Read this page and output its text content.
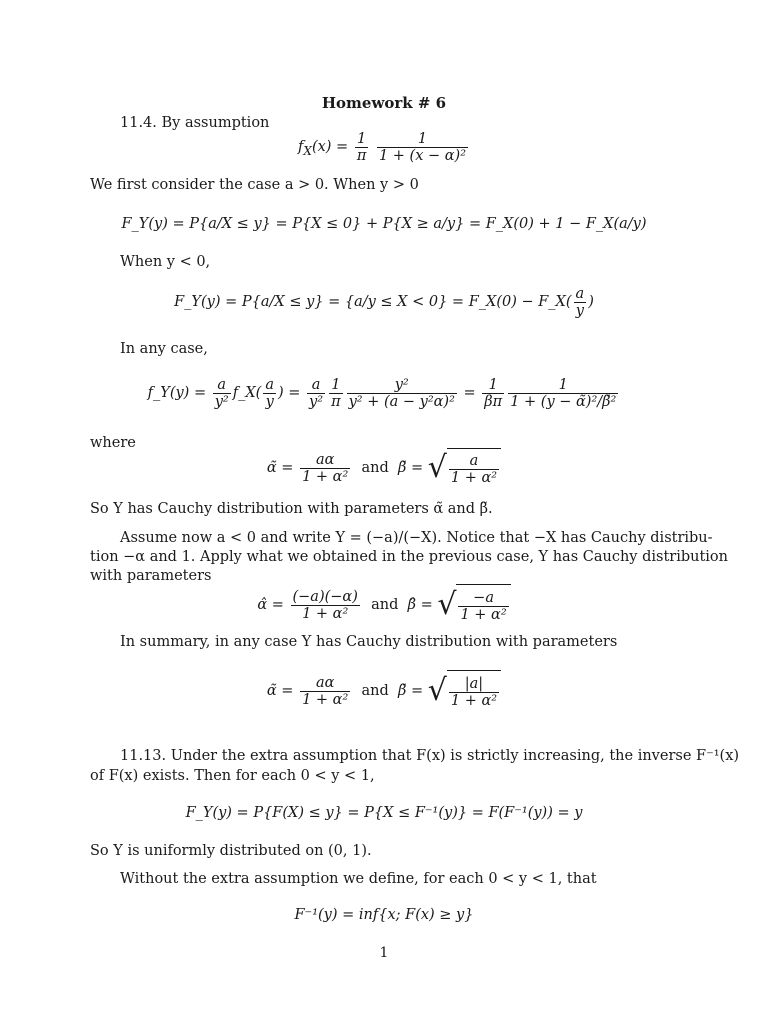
Homework # 6
11.4. By assumption
$f_X(x) = \frac{1}{\pi}$
$\frac{1}{\text{1 + (x − α)²}}$
We first consider the case a > 0. When y > 0
F_Y(y) = P{a/X ≤ y} = P{X ≤ 0} + P{X ≥ a/y} = F_X(0) + 1 − F_X(a/y)
When y < 0,
F_Y(y) = P{a/X ≤ y} = {a/y ≤ X < 0} = F_X(0) − F_X( $\frac{a}{y}$ )
In any case,
f_Y(y) = $\frac{a}{\text{y²}}$ f_X( $\frac{a}{y}$ ) = $\frac{a}{\text{y²}} \frac{1}{\pi} \frac{\text{y²}}{\text{y² + (a − y²α)²}} = \frac{1}{\beta\pi} \frac{1}{\text{1 + (y − α̃)²/β̃²}}$
where
α̃ = $\frac{a\alpha}{\text{1 + α²}}$ and β̃ = √ $\frac{a}{\text{1 + α²}}$
So Y has Cauchy distribution with parameters α̃ and β̃.
Assume now a < 0 and write Y = (−a)/(−X). Notice that −X has Cauchy distribu-
tion −α and 1. Apply what we obtained in the previous case, Y has Cauchy distribution
with parameters
α̂ = $\frac{(-a)(-\alpha)}{\text{1 + α²}}$ and β̂ = √ $\frac{-a}{\text{1 + α²}}$
In summary, in any case Y has Cauchy distribution with parameters
α̃ = $\frac{a\alpha}{\text{1 + α²}}$ and β̃ = √ $\frac{|a|}{\text{1 + α²}}$
11.13. Under the extra assumption that F(x) is strictly increasing, the inverse F⁻¹(x)
of F(x) exists. Then for each 0 < y < 1,
F_Y(y) = P{F(X) ≤ y} = P{X ≤ F⁻¹(y)} = F(F⁻¹(y)) = y
So Y is uniformly distributed on (0, 1).
Without the extra assumption we define, for each 0 < y < 1, that
F⁻¹(y) = inf{x; F(x) ≥ y}
1
